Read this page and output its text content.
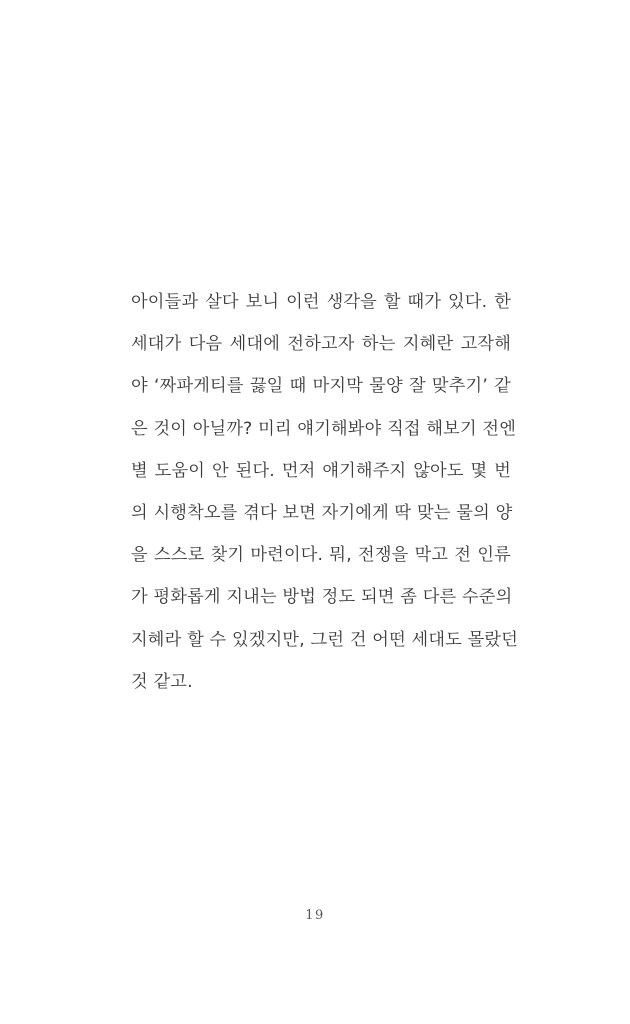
아이들과 살다 보니 이런 생각을 할 때가 있다. 한
세대가 다음 세대에 전하고자 하는 지혜란 고작해
야 ‘짜파게티를 끓일 때 마지막 물양 잘 맞추기’ 같
은 것이 아닐까? 미리 얘기해봐야 직접 해보기 전엔
별 도움이 안 된다. 먼저 얘기해주지 않아도 몇 번
의 시행착오를 겪다 보면 자기에게 딱 맞는 물의 양
을 스스로 찾기 마련이다. 뭐, 전쟁을 막고 전 인류
가 평화롭게 지내는 방법 정도 되면 좀 다른 수준의
지혜라 할 수 있겠지만, 그런 건 어떤 세대도 몰랐던
것 같고.
19
